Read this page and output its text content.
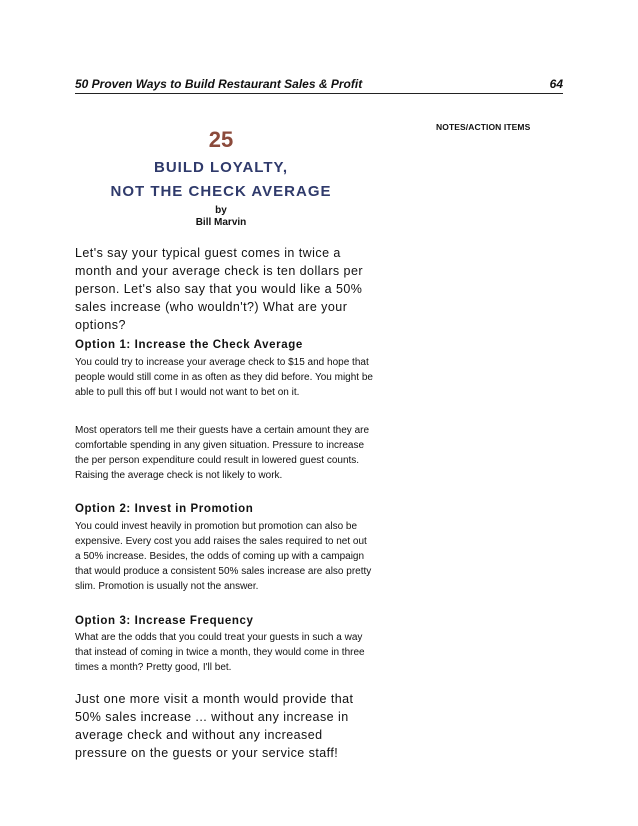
50 Proven Ways to Build Restaurant Sales & Profit	64
NOTES/ACTION ITEMS
25
BUILD LOYALTY,
NOT THE CHECK AVERAGE
by
Bill Marvin

Let's say your typical guest comes in twice a month and your average check is ten dollars per person. Let's also say that you would like a 50% sales increase (who wouldn't?) What are your options?

Option 1: Increase the Check Average

You could try to increase your average check to $15 and hope that people would still come in as often as they did before. You might be able to pull this off but I would not want to bet on it.

Most operators tell me their guests have a certain amount they are comfortable spending in any given situation. Pressure to increase the per person expenditure could result in lowered guest counts. Raising the average check is not likely to work.

Option 2: Invest in Promotion

You could invest heavily in promotion but promotion can also be expensive. Every cost you add raises the sales required to net out a 50% increase. Besides, the odds of coming up with a campaign that would produce a consistent 50% sales increase are also pretty slim. Promotion is usually not the answer.

Option 3: Increase Frequency

What are the odds that you could treat your guests in such a way that instead of coming in twice a month, they would come in three times a month? Pretty good, I'll bet.

Just one more visit a month would provide that 50% sales increase ... without any increase in average check and without any increased pressure on the guests or your service staff!
